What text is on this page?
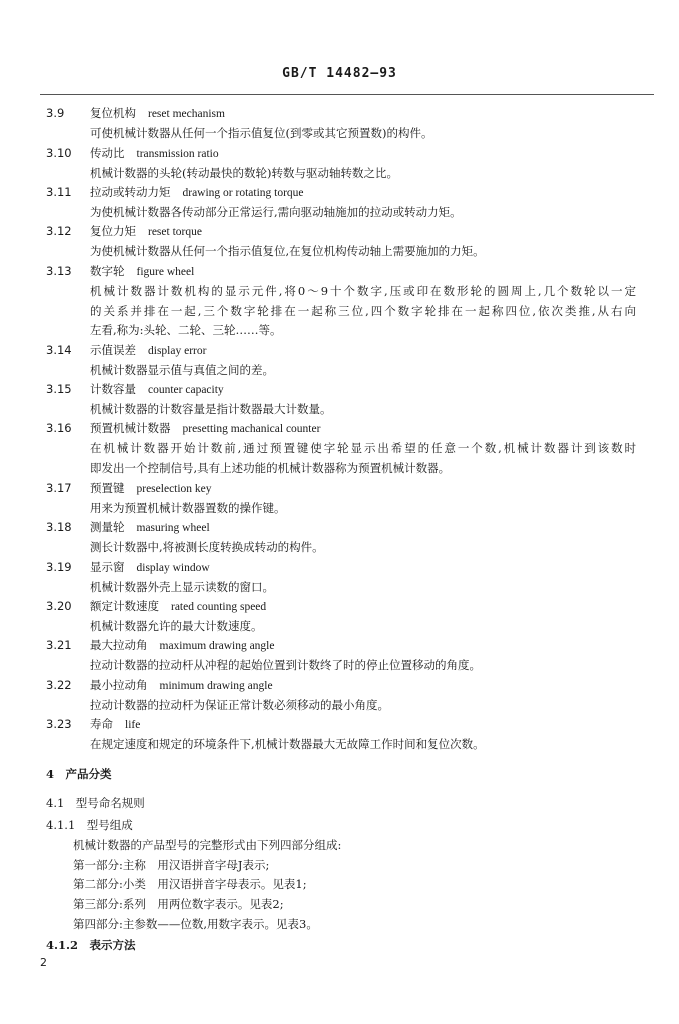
GB/T 14482—93
3.9 复位机构 reset mechanism
可使机械计数器从任何一个指示值复位(到零或其它预置数)的构件。
3.10 传动比 transmission ratio
机械计数器的头轮(转动最快的数轮)转数与驱动轴转数之比。
3.11 拉动或转动力矩 drawing or rotating torque
为使机械计数器各传动部分正常运行,需向驱动轴施加的拉动或转动力矩。
3.12 复位力矩 reset torque
为使机械计数器从任何一个指示值复位,在复位机构传动轴上需要施加的力矩。
3.13 数字轮 figure wheel
机械计数器计数机构的显示元件,将0～9十个数字,压或印在数形轮的圆周上,几个数轮以一定
的关系并排在一起,三个数字轮排在一起称三位,四个数字轮排在一起称四位,依次类推,从右向
左看,称为:头轮、二轮、三轮……等。
3.14 示值误差 display error
机械计数器显示值与真值之间的差。
3.15 计数容量 counter capacity
机械计数器的计数容量是指计数器最大计数量。
3.16 预置机械计数器 presetting machanical counter
在机械计数器开始计数前,通过预置键使字轮显示出希望的任意一个数,机械计数器计到该数时
即发出一个控制信号,具有上述功能的机械计数器称为预置机械计数器。
3.17 预置键 preselection key
用来为预置机械计数器置数的操作键。
3.18 测量轮 masuring wheel
测长计数器中,将被测长度转换成转动的构件。
3.19 显示窗 display window
机械计数器外壳上显示读数的窗口。
3.20 额定计数速度 rated counting speed
机械计数器允许的最大计数速度。
3.21 最大拉动角 maximum drawing angle
拉动计数器的拉动杆从冲程的起始位置到计数终了时的停止位置移动的角度。
3.22 最小拉动角 minimum drawing angle
拉动计数器的拉动杆为保证正常计数必须移动的最小角度。
3.23 寿命 life
在规定速度和规定的环境条件下,机械计数器最大无故障工作时间和复位次数。
4　产品分类
4.1　型号命名规则
4.1.1　型号组成
机械计数器的产品型号的完整形式由下列四部分组成:
第一部分:主称　用汉语拼音字母J表示;
第二部分:小类　用汉语拼音字母表示。见表1;
第三部分:系列　用两位数字表示。见表2;
第四部分:主参数——位数,用数字表示。见表3。
4.1.2　表示方法
2
